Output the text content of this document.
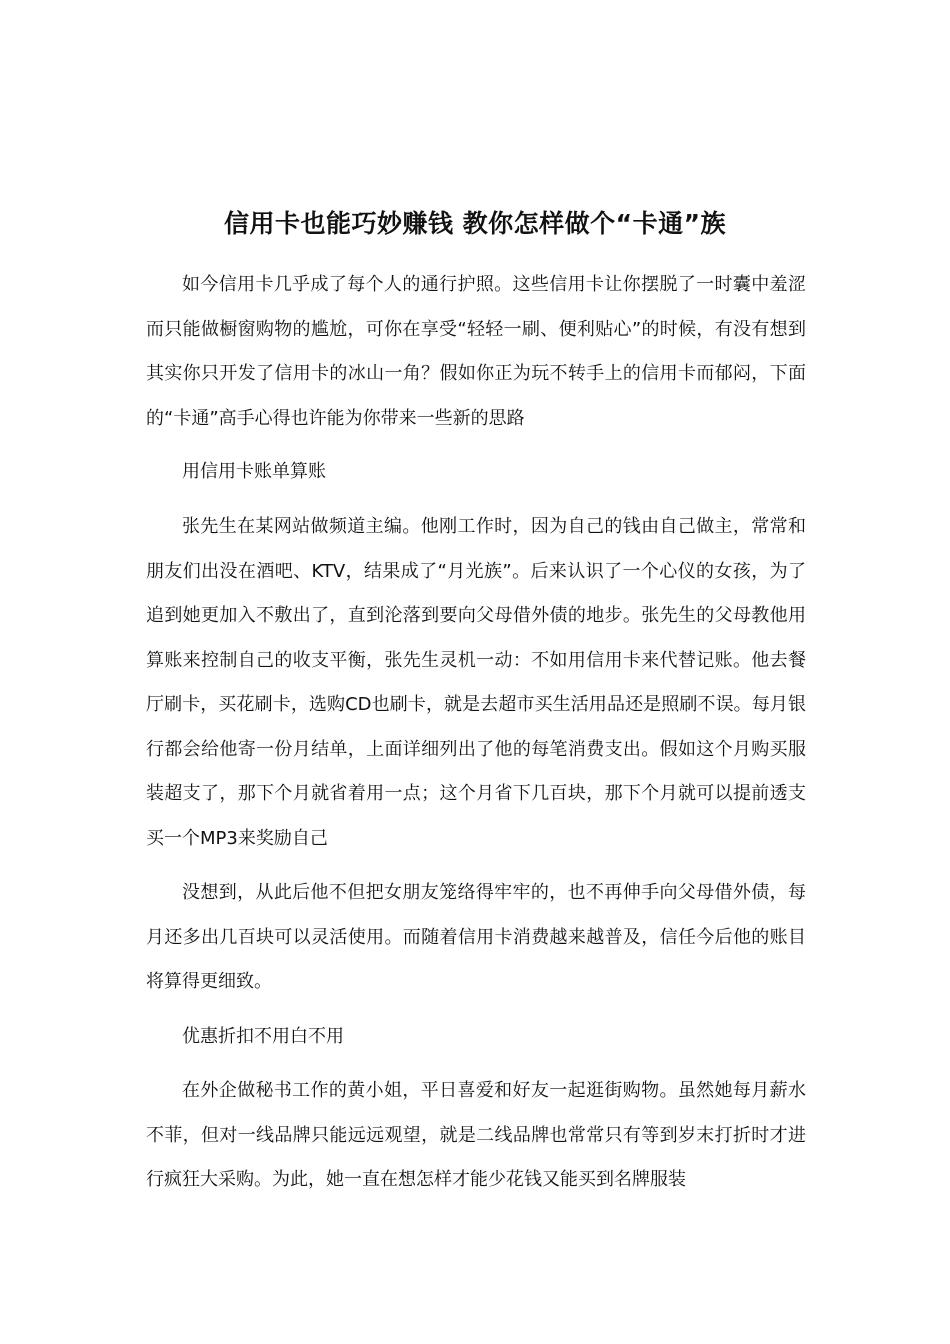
信用卡也能巧妙赚钱 教你怎样做个“卡通”族
如今信用卡几乎成了每个人的通行护照。这些信用卡让你摆脱了一时囊中羞涩而只能做橱窗购物的尴尬，可你在享受“轻轻一刷、便利贴心”的时候，有没有想到其实你只开发了信用卡的冰山一角？假如你正为玩不转手上的信用卡而郁闷，下面的“卡通”高手心得也许能为你带来一些新的思路
用信用卡账单算账
张先生在某网站做频道主编。他刚工作时，因为自己的钱由自己做主，常常和朋友们出没在酒吧、KTV，结果成了“月光族”。后来认识了一个心仪的女孩，为了追到她更加入不敷出了，直到沦落到要向父母借外债的地步。张先生的父母教他用算账来控制自己的收支平衡，张先生灵机一动：不如用信用卡来代替记账。他去餐厅刷卡，买花刷卡，选购CD也刷卡，就是去超市买生活用品还是照刷不误。每月银行都会给他寄一份月结单，上面详细列出了他的每笔消费支出。假如这个月购买服装超支了，那下个月就省着用一点；这个月省下几百块，那下个月就可以提前透支买一个MP3来奖励自己
没想到，从此后他不但把女朋友笼络得牢牢的，也不再伸手向父母借外债，每月还多出几百块可以灵活使用。而随着信用卡消费越来越普及，信任今后他的账目将算得更细致。
优惠折扣不用白不用
在外企做秘书工作的黄小姐，平日喜爱和好友一起逛街购物。虽然她每月薪水不菲，但对一线品牌只能远远观望，就是二线品牌也常常只有等到岁末打折时才进行疯狂大采购。为此，她一直在想怎样才能少花钱又能买到名牌服装
